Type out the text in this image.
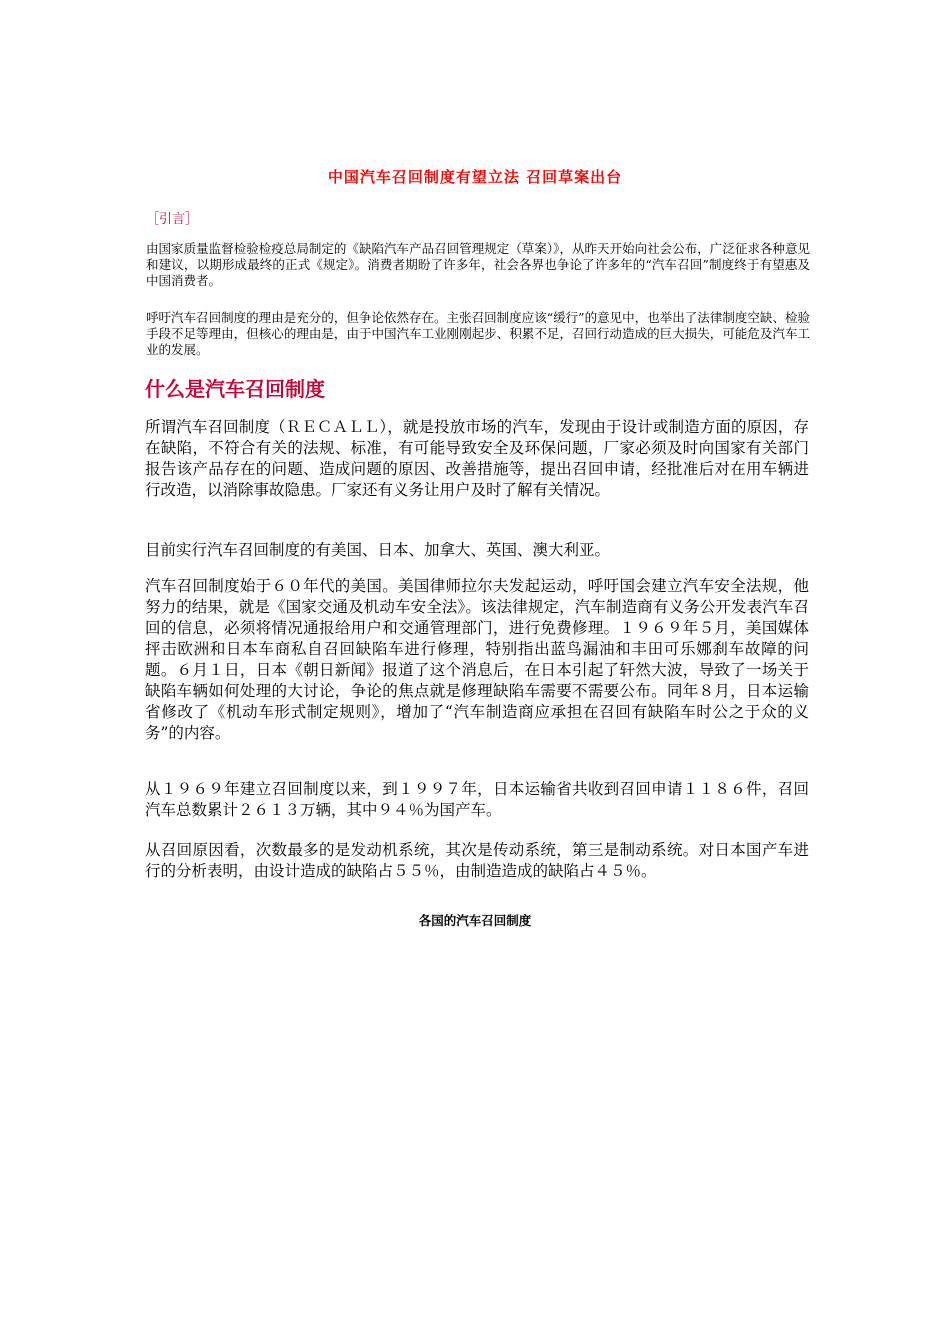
中国汽车召回制度有望立法 召回草案出台
［引言］

由国家质量监督检验检疫总局制定的《缺陷汽车产品召回管理规定（草案）》，从昨天开始向社会公布，广泛征求各种意见和建议，以期形成最终的正式《规定》。消费者期盼了许多年，社会各界也争论了许多年的“汽车召回”制度终于有望惠及中国消费者。

呼吁汽车召回制度的理由是充分的，但争论依然存在。主张召回制度应该“缓行”的意见中，也举出了法律制度空缺、检验手段不足等理由，但核心的理由是，由于中国汽车工业刚刚起步、积累不足，召回行动造成的巨大损失，可能危及汽车工业的发展。

什么是汽车召回制度

所谓汽车召回制度（ＲＥＣＡＬＬ），就是投放市场的汽车，发现由于设计或制造方面的原因，存在缺陷，不符合有关的法规、标准，有可能导致安全及环保问题，厂家必须及时向国家有关部门报告该产品存在的问题、造成问题的原因、改善措施等，提出召回申请，经批准后对在用车辆进行改造，以消除事故隐患。厂家还有义务让用户及时了解有关情况。

目前实行汽车召回制度的有美国、日本、加拿大、英国、澳大利亚。

汽车召回制度始于６０年代的美国。美国律师拉尔夫发起运动，呼吁国会建立汽车安全法规，他努力的结果，就是《国家交通及机动车安全法》。该法律规定，汽车制造商有义务公开发表汽车召回的信息，必须将情况通报给用户和交通管理部门，进行免费修理。１９６９年５月，美国媒体抨击欧洲和日本车商私自召回缺陷车进行修理，特别指出蓝鸟漏油和丰田可乐娜刹车故障的问题。６月１日，日本《朝日新闻》报道了这个消息后，在日本引起了轩然大波，导致了一场关于缺陷车辆如何处理的大讨论，争论的焦点就是修理缺陷车需要不需要公布。同年８月，日本运输省修改了《机动车形式制定规则》，增加了“汽车制造商应承担在召回有缺陷车时公之于众的义务”的内容。

从１９６９年建立召回制度以来，到１９９７年，日本运输省共收到召回申请１１８６件，召回汽车总数累计２６１３万辆，其中９４％为国产车。

从召回原因看，次数最多的是发动机系统，其次是传动系统，第三是制动系统。对日本国产车进行的分析表明，由设计造成的缺陷占５５％，由制造造成的缺陷占４５％。

各国的汽车召回制度
